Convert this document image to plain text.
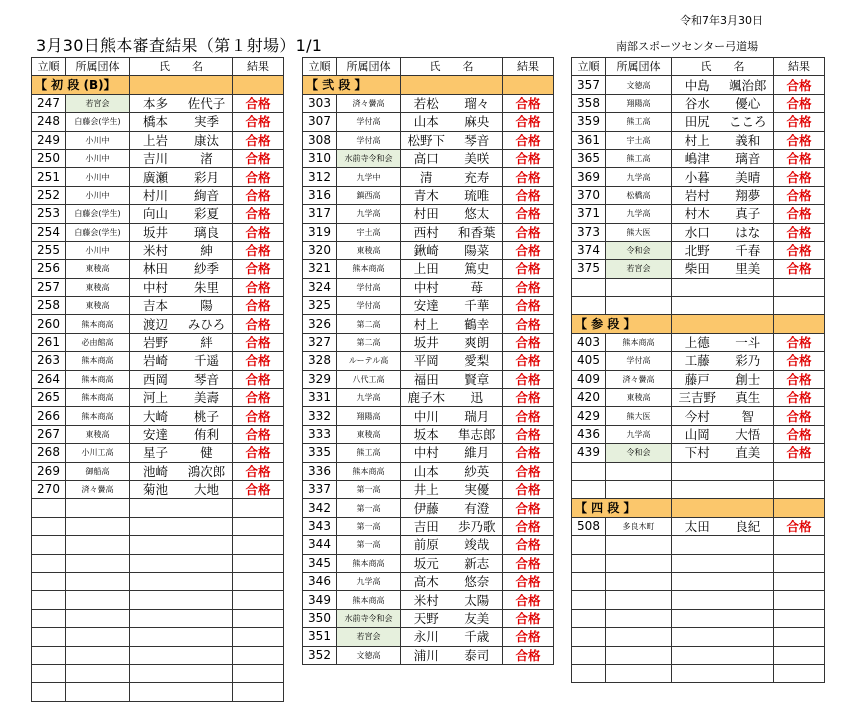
令和7年3月30日
3月30日熊本審査結果（第１射場）1/1	南部スポーツセンター弓道場
立順	所属団体	氏　　名	結果
【 初 段 (B)】			
247	若宮会	本多 佐代子	合格
248	白藤会(学生)	橋本 実季	合格
249	小川中	上岩 康汰	合格
250	小川中	吉川 渚	合格
251	小川中	廣瀬 彩月	合格
252	小川中	村川 絢音	合格
253	白藤会(学生)	向山 彩夏	合格
254	白藤会(学生)	坂井 璃良	合格
255	小川中	米村 紳	合格
256	東稜高	林田 紗季	合格
257	東稜高	中村 朱里	合格
258	東稜高	吉本 陽	合格
260	熊本商高	渡辺 みひろ	合格
261	必由館高	岩野 絆	合格
263	熊本商高	岩崎 千遥	合格
264	熊本商高	西岡 琴音	合格
265	熊本商高	河上 美壽	合格
266	熊本商高	大崎 桃子	合格
267	東稜高	安達 侑利	合格
268	小川工高	星子 健	合格
269	御船高	池崎 鴻次郎	合格
270	済々黌高	菊池 大地	合格

立順	所属団体	氏　　名	結果
【 弐 段 】			
303	済々黌高	若松 瑠々	合格
307	学付高	山本 麻央	合格
308	学付高	松野下 琴音	合格
310	水前寺令和会	高口 美咲	合格
312	九学中	清 充寿	合格
316	鎮西高	青木 琉唯	合格
317	九学高	村田 悠太	合格
319	宇土高	西村 和香葉	合格
320	東稜高	鍬崎 陽菜	合格
321	熊本商高	上田 篤史	合格
324	学付高	中村 苺	合格
325	学付高	安達 千華	合格
326	第二高	村上 鶴幸	合格
327	第二高	坂井 爽朗	合格
328	ルーテル高	平岡 愛梨	合格
329	八代工高	福田 賢章	合格
331	九学高	鹿子木 迅	合格
332	翔陽高	中川 瑞月	合格
333	東稜高	坂本 隼志郎	合格
335	熊工高	中村 維月	合格
336	熊本商高	山本 紗英	合格
337	第一高	井上 実優	合格
342	第一高	伊藤 有澄	合格
343	第一高	吉田 歩乃歌	合格
344	第一高	前原 竣哉	合格
345	熊本商高	坂元 新志	合格
346	九学高	高木 悠奈	合格
349	熊本商高	米村 太陽	合格
350	水前寺令和会	天野 友美	合格
351	若宮会	永川 千歳	合格
352	文徳高	浦川 泰司	合格
立順	所属団体	氏　　名	結果
357	文徳高	中島 颯治郎	合格
358	翔陽高	谷水 優心	合格
359	熊工高	田尻 こころ	合格
361	宇土高	村上 義和	合格
365	熊工高	嶋津 璃音	合格
369	九学高	小暮 美晴	合格
370	松橋高	岩村 翔夢	合格
371	九学高	村木 真子	合格
373	熊大医	水口 はな	合格
374	令和会	北野 千春	合格
375	若宮会	柴田 里美	合格

【 参 段 】			
403	熊本商高	上德 一斗	合格
405	学付高	工藤 彩乃	合格
409	済々黌高	藤戸 創士	合格
420	東稜高	三吉野 真生	合格
429	熊大医	今村 智	合格
436	九学高	山岡 大悟	合格
439	令和会	下村 直美	合格

【 四 段 】			
508	多良木町	太田 良紀	合格
